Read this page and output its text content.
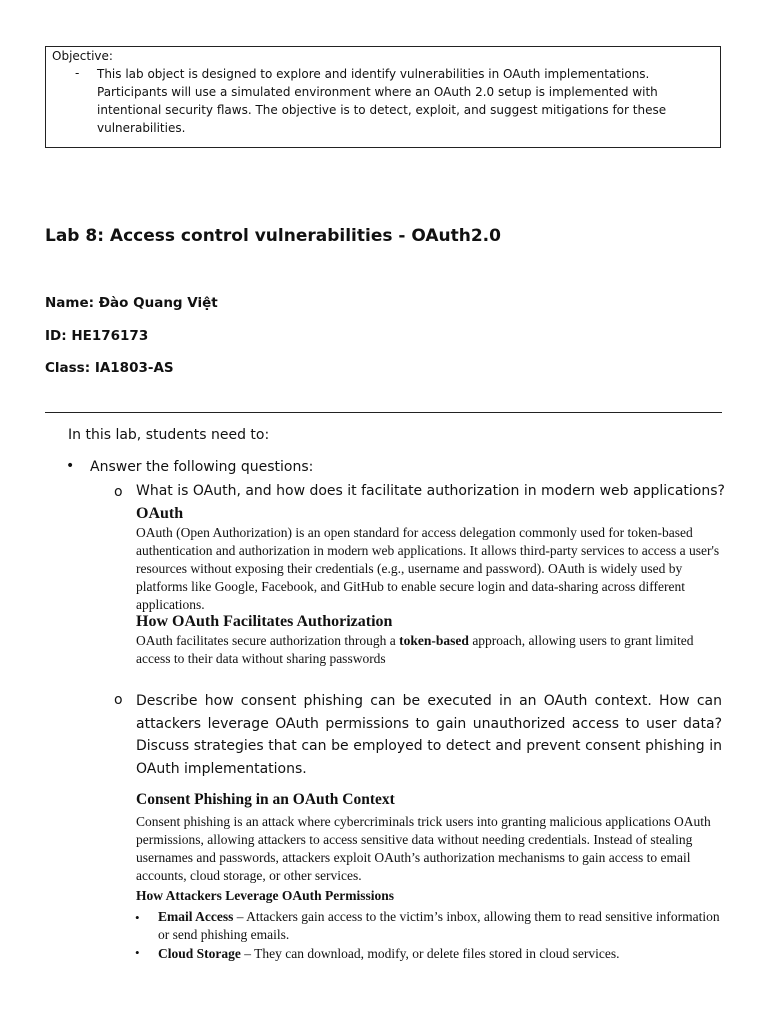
Objective:
- This lab object is designed to explore and identify vulnerabilities in OAuth implementations. Participants will use a simulated environment where an OAuth 2.0 setup is implemented with intentional security flaws. The objective is to detect, exploit, and suggest mitigations for these vulnerabilities.
Lab 8: Access control vulnerabilities - OAuth2.0
Name: Đào Quang Việt
ID: HE176173
Class: IA1803-AS
In this lab, students need to:
• Answer the following questions:
o What is OAuth, and how does it facilitate authorization in modern web applications?
OAuth
OAuth (Open Authorization) is an open standard for access delegation commonly used for token-based authentication and authorization in modern web applications. It allows third-party services to access a user's resources without exposing their credentials (e.g., username and password). OAuth is widely used by platforms like Google, Facebook, and GitHub to enable secure login and data-sharing across different applications.
How OAuth Facilitates Authorization
OAuth facilitates secure authorization through a token-based approach, allowing users to grant limited access to their data without sharing passwords
o Describe how consent phishing can be executed in an OAuth context. How can attackers leverage OAuth permissions to gain unauthorized access to user data? Discuss strategies that can be employed to detect and prevent consent phishing in OAuth implementations.
Consent Phishing in an OAuth Context
Consent phishing is an attack where cybercriminals trick users into granting malicious applications OAuth permissions, allowing attackers to access sensitive data without needing credentials. Instead of stealing usernames and passwords, attackers exploit OAuth’s authorization mechanisms to gain access to email accounts, cloud storage, or other services.
How Attackers Leverage OAuth Permissions
• Email Access – Attackers gain access to the victim’s inbox, allowing them to read sensitive information or send phishing emails.
• Cloud Storage – They can download, modify, or delete files stored in cloud services.
